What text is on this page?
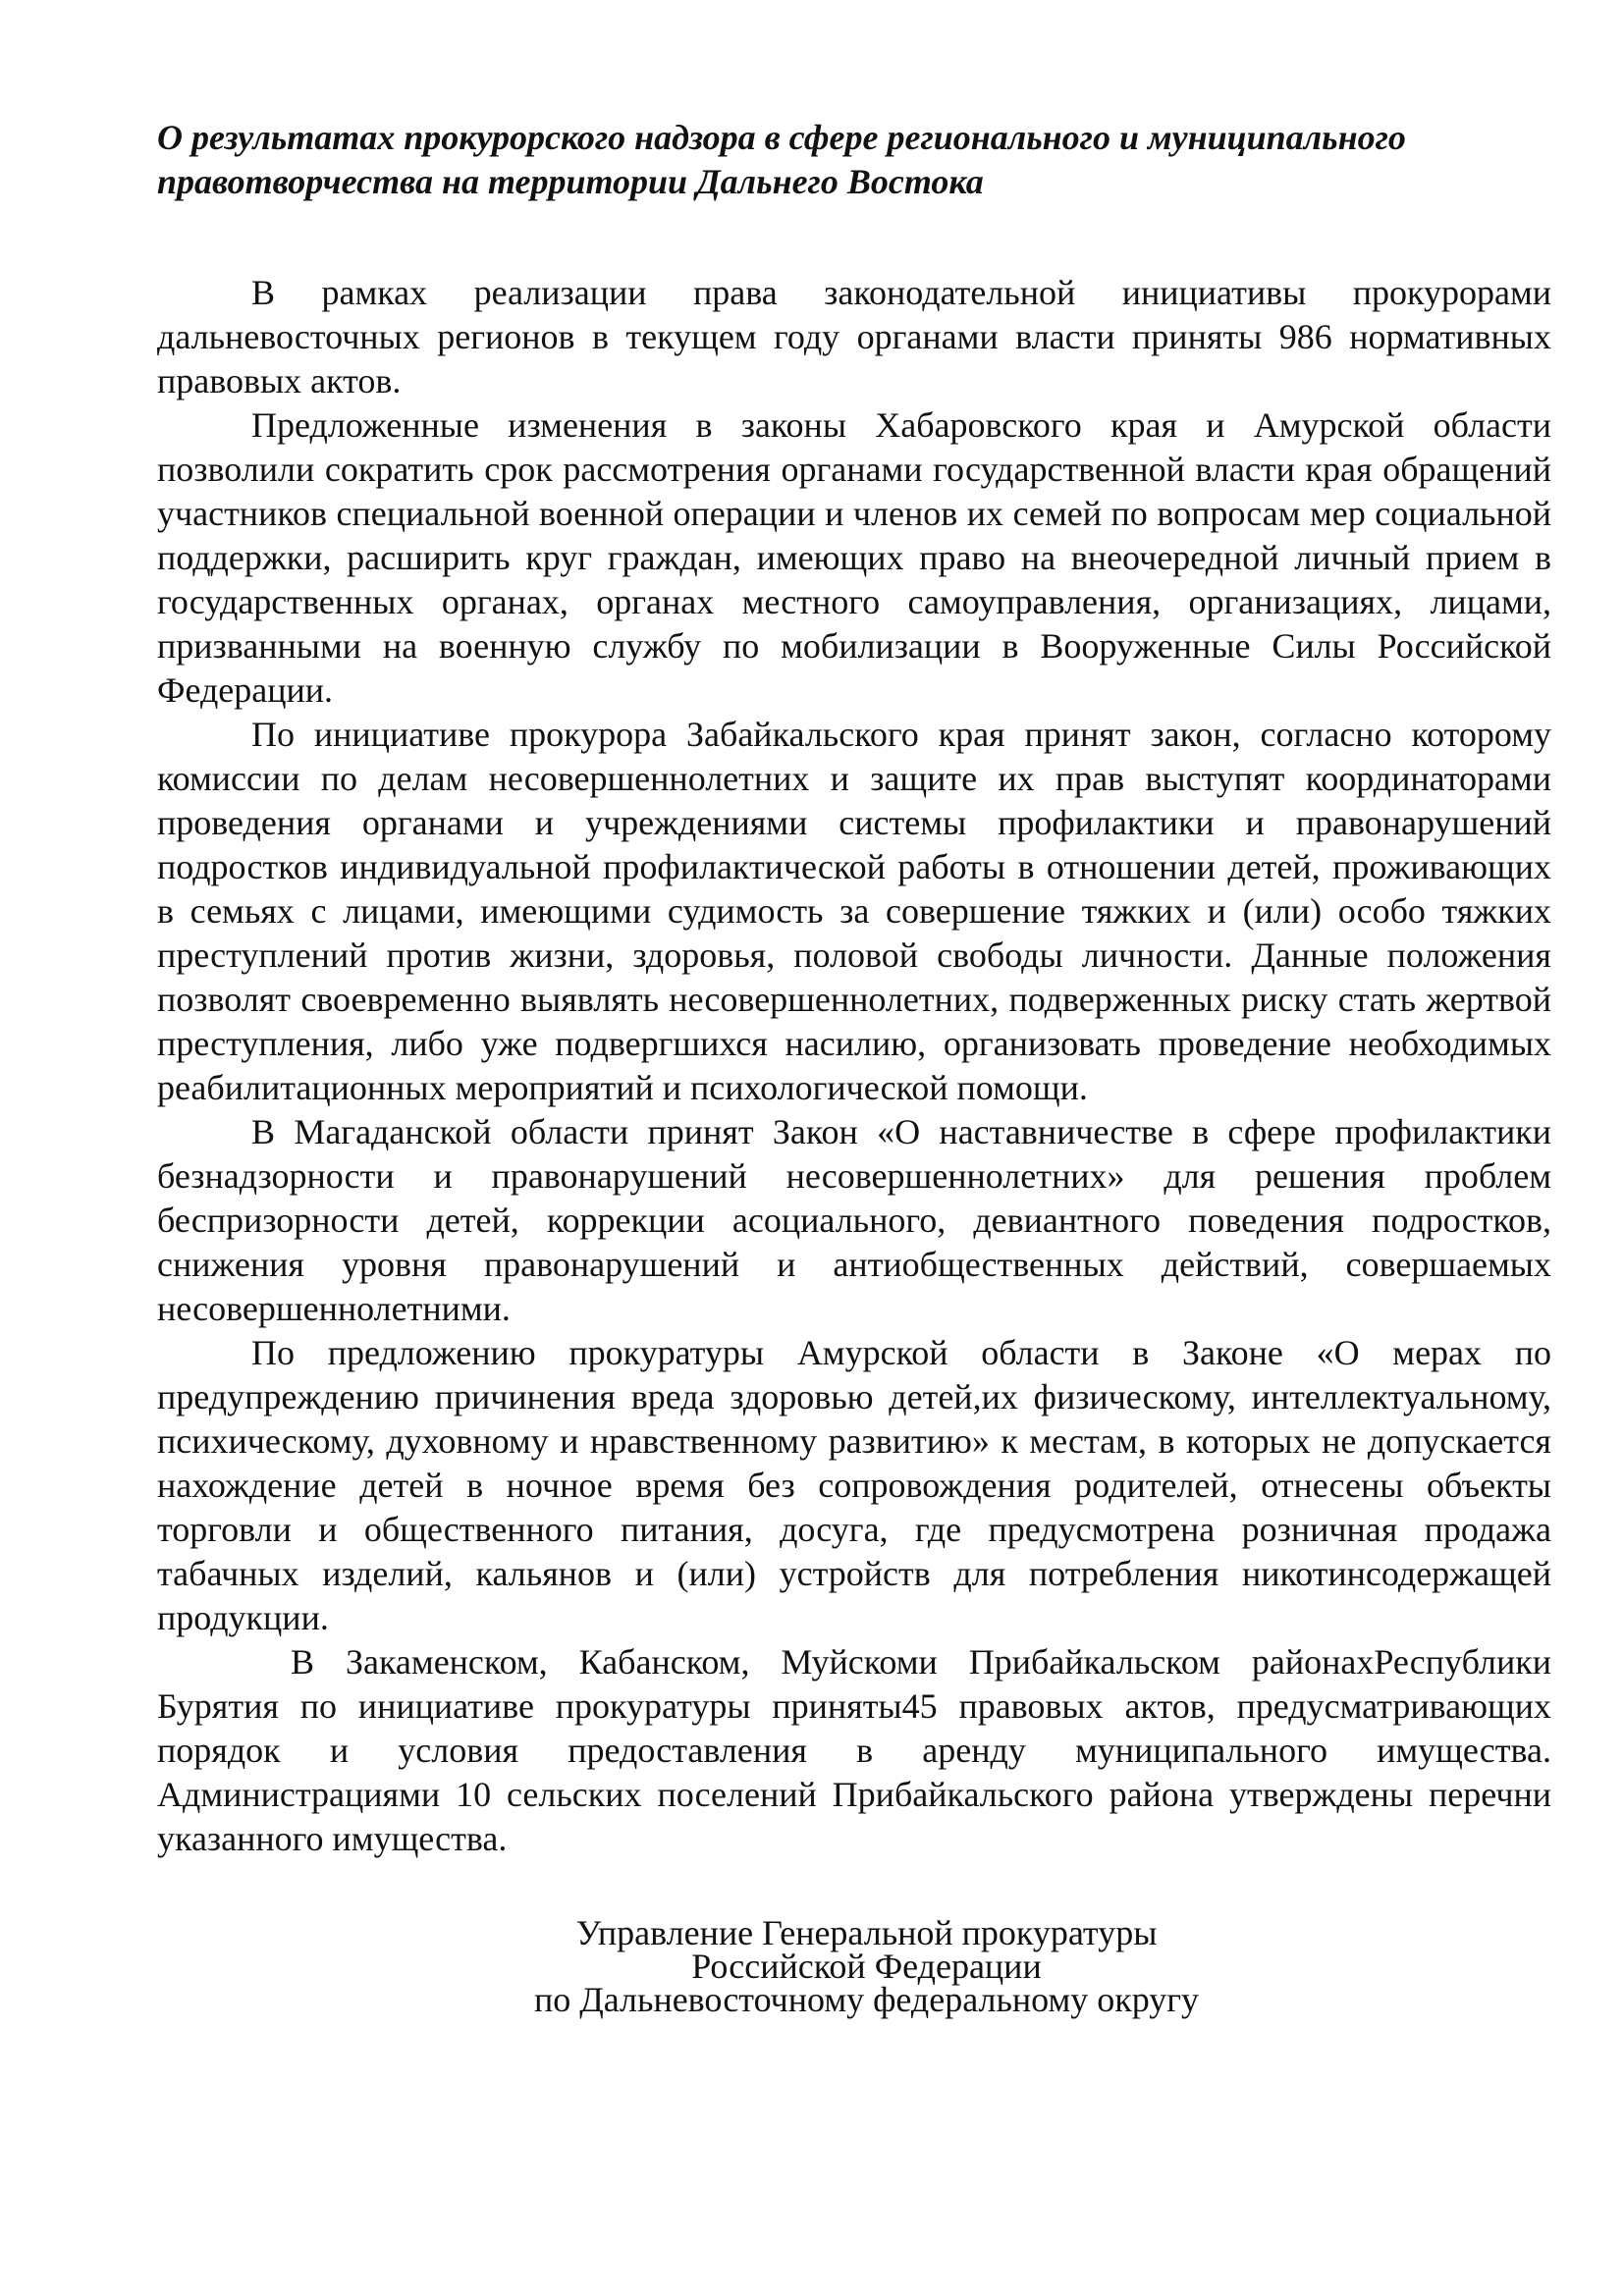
О результатах прокурорского надзора в сфере регионального и муниципального правотворчества на территории Дальнего Востока

В рамках реализации права законодательной инициативы прокурорами дальневосточных регионов в текущем году органами власти приняты 986 нормативных правовых актов.

Предложенные изменения в законы Хабаровского края и Амурской области позволили сократить срок рассмотрения органами государственной власти края обращений участников специальной военной операции и членов их семей по вопросам мер социальной поддержки, расширить круг граждан, имеющих право на внеочередной личный прием в государственных органах, органах местного самоуправления, организациях, лицами, призванными на военную службу по мобилизации в Вооруженные Силы Российской Федерации.

По инициативе прокурора Забайкальского края принят закон, согласно которому комиссии по делам несовершеннолетних и защите их прав выступят координаторами проведения органами и учреждениями системы профилактики и правонарушений подростков индивидуальной профилактической работы в отношении детей, проживающих в семьях с лицами, имеющими судимость за совершение тяжких и (или) особо тяжких преступлений против жизни, здоровья, половой свободы личности. Данные положения позволят своевременно выявлять несовершеннолетних, подверженных риску стать жертвой преступления, либо уже подвергшихся насилию, организовать проведение необходимых реабилитационных мероприятий и психологической помощи.

В Магаданской области принят Закон «О наставничестве в сфере профилактики безнадзорности и правонарушений несовершеннолетних» для решения проблем беспризорности детей, коррекции асоциального, девиантного поведения подростков, снижения уровня правонарушений и антиобщественных действий, совершаемых несовершеннолетними.

По предложению прокуратуры Амурской области в Законе «О мерах по предупреждению причинения вреда здоровью детей,их физическому, интеллектуальному, психическому, духовному и нравственному развитию» к местам, в которых не допускается нахождение детей в ночное время без сопровождения родителей, отнесены объекты торговли и общественного питания, досуга, где предусмотрена розничная продажа табачных изделий, кальянов и (или) устройств для потребления никотинсодержащей продукции.

В Закаменском, Кабанском, Муйскоми Прибайкальском районахРеспублики Бурятия по инициативе прокуратуры приняты45 правовых актов, предусматривающих порядок и условия предоставления в аренду муниципального имущества. Администрациями 10 сельских поселений Прибайкальского района утверждены перечни указанного имущества.

Управление Генеральной прокуратуры
Российской Федерации
по Дальневосточному федеральному округу
